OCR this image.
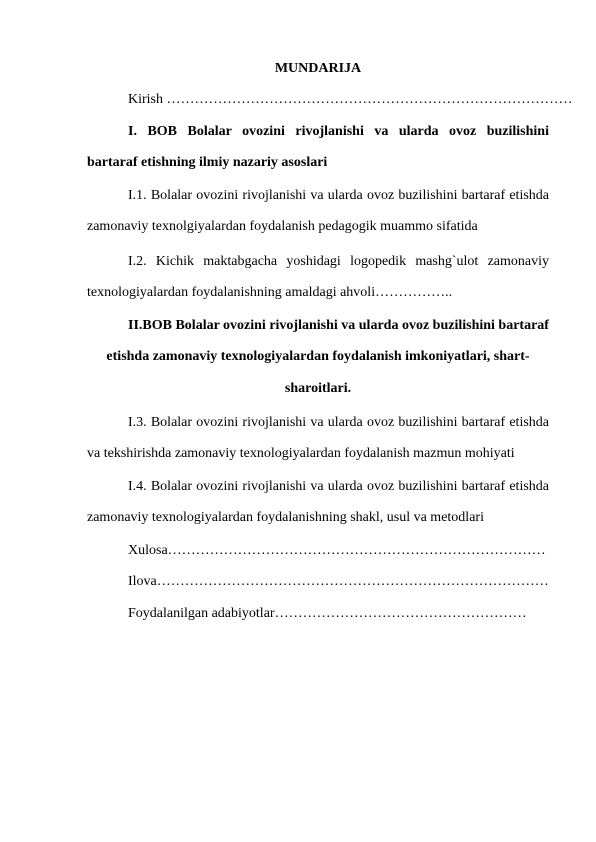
MUNDARIJA
Kirish ……………………………………………………………………………
I. BOB Bolalar ovozini rivojlanishi va ularda ovoz buzilishini
bartaraf etishning ilmiy nazariy asoslari
I.1. Bolalar ovozini rivojlanishi va ularda ovoz buzilishini bartaraf etishda
zamonaviy texnolgiyalardan foydalanish pedagogik muammo sifatida
I.2. Kichik maktabgacha yoshidagi logopedik mashg`ulot zamonaviy
texnologiyalardan foydalanishning amaldagi ahvoli……………..
II.BOB Bolalar ovozini rivojlanishi va ularda ovoz buzilishini bartaraf
etishda zamonaviy texnologiyalardan foydalanish imkoniyatlari, shart-
sharoitlari.
I.3. Bolalar ovozini rivojlanishi va ularda ovoz buzilishini bartaraf etishda
va tekshirishda zamonaviy texnologiyalardan foydalanish mazmun mohiyati
I.4. Bolalar ovozini rivojlanishi va ularda ovoz buzilishini bartaraf etishda
zamonaviy texnologiyalardan foydalanishning shakl, usul va metodlari
Xulosa………………………………………………………………………
Ilova…………………………………………………………………………
Foydalanilgan adabiyotlar………………………………………………
